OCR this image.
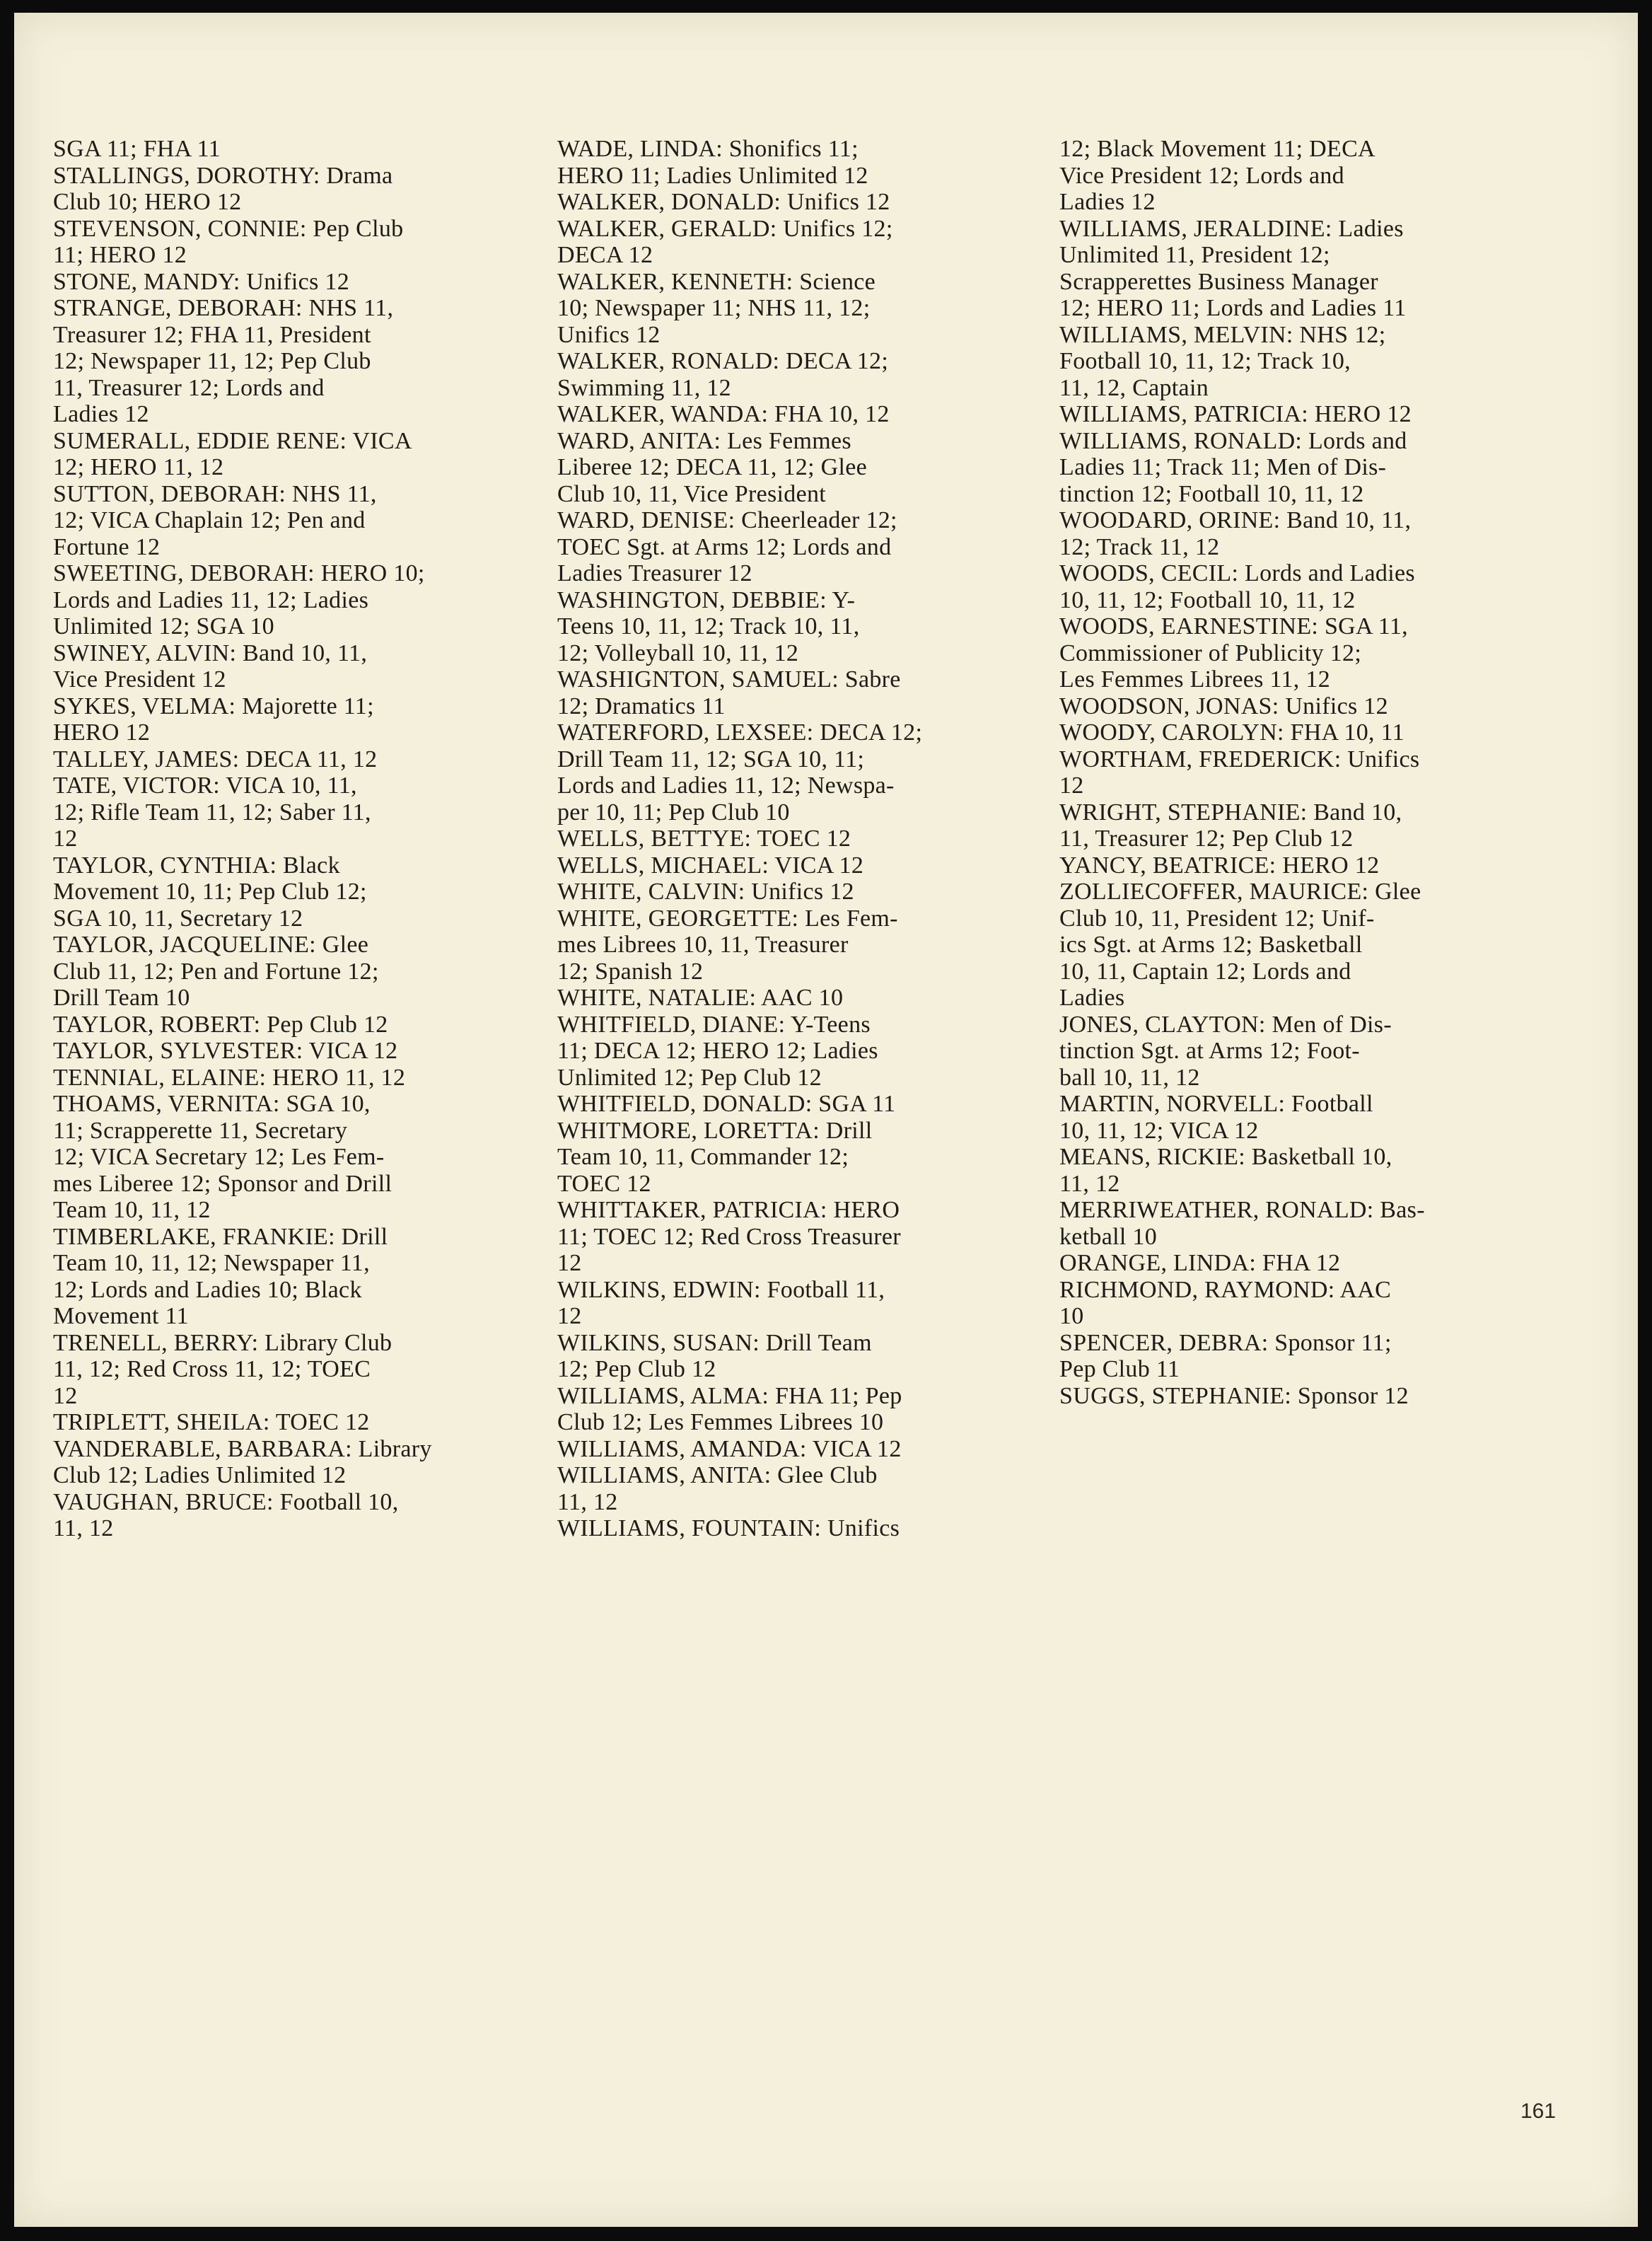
SGA 11; FHA 11
STALLINGS, DOROTHY: Drama
Club 10; HERO 12
STEVENSON, CONNIE: Pep Club
11; HERO 12
STONE, MANDY: Unifics 12
STRANGE, DEBORAH: NHS 11,
Treasurer 12; FHA 11, President
12; Newspaper 11, 12; Pep Club
11, Treasurer 12; Lords and
Ladies 12
SUMERALL, EDDIE RENE: VICA
12; HERO 11, 12
SUTTON, DEBORAH: NHS 11,
12; VICA Chaplain 12; Pen and
Fortune 12
SWEETING, DEBORAH: HERO 10;
Lords and Ladies 11, 12; Ladies
Unlimited 12; SGA 10
SWINEY, ALVIN: Band 10, 11,
Vice President 12
SYKES, VELMA: Majorette 11;
HERO 12
TALLEY, JAMES: DECA 11, 12
TATE, VICTOR: VICA 10, 11,
12; Rifle Team 11, 12; Saber 11,
12
TAYLOR, CYNTHIA: Black
Movement 10, 11; Pep Club 12;
SGA 10, 11, Secretary 12
TAYLOR, JACQUELINE: Glee
Club 11, 12; Pen and Fortune 12;
Drill Team 10
TAYLOR, ROBERT: Pep Club 12
TAYLOR, SYLVESTER: VICA 12
TENNIAL, ELAINE: HERO 11, 12
THOAMS, VERNITA: SGA 10,
11; Scrapperette 11, Secretary
12; VICA Secretary 12; Les Fem-
mes Liberee 12; Sponsor and Drill
Team 10, 11, 12
TIMBERLAKE, FRANKIE: Drill
Team 10, 11, 12; Newspaper 11,
12; Lords and Ladies 10; Black
Movement 11
TRENELL, BERRY: Library Club
11, 12; Red Cross 11, 12; TOEC
12
TRIPLETT, SHEILA: TOEC 12
VANDERABLE, BARBARA: Library
Club 12; Ladies Unlimited 12
VAUGHAN, BRUCE: Football 10,
11, 12
WADE, LINDA: Shonifics 11;
HERO 11; Ladies Unlimited 12
WALKER, DONALD: Unifics 12
WALKER, GERALD: Unifics 12;
DECA 12
WALKER, KENNETH: Science
10; Newspaper 11; NHS 11, 12;
Unifics 12
WALKER, RONALD: DECA 12;
Swimming 11, 12
WALKER, WANDA: FHA 10, 12
WARD, ANITA: Les Femmes
Liberee 12; DECA 11, 12; Glee
Club 10, 11, Vice President
WARD, DENISE: Cheerleader 12;
TOEC Sgt. at Arms 12; Lords and
Ladies Treasurer 12
WASHINGTON, DEBBIE: Y-
Teens 10, 11, 12; Track 10, 11,
12; Volleyball 10, 11, 12
WASHIGNTON, SAMUEL: Sabre
12; Dramatics 11
WATERFORD, LEXSEE: DECA 12;
Drill Team 11, 12; SGA 10, 11;
Lords and Ladies 11, 12; Newspa-
per 10, 11; Pep Club 10
WELLS, BETTYE: TOEC 12
WELLS, MICHAEL: VICA 12
WHITE, CALVIN: Unifics 12
WHITE, GEORGETTE: Les Fem-
mes Librees 10, 11, Treasurer
12; Spanish 12
WHITE, NATALIE: AAC 10
WHITFIELD, DIANE: Y-Teens
11; DECA 12; HERO 12; Ladies
Unlimited 12; Pep Club 12
WHITFIELD, DONALD: SGA 11
WHITMORE, LORETTA: Drill
Team 10, 11, Commander 12;
TOEC 12
WHITTAKER, PATRICIA: HERO
11; TOEC 12; Red Cross Treasurer
12
WILKINS, EDWIN: Football 11,
12
WILKINS, SUSAN: Drill Team
12; Pep Club 12
WILLIAMS, ALMA: FHA 11; Pep
Club 12; Les Femmes Librees 10
WILLIAMS, AMANDA: VICA 12
WILLIAMS, ANITA: Glee Club
11, 12
WILLIAMS, FOUNTAIN: Unifics
12; Black Movement 11; DECA
Vice President 12; Lords and
Ladies 12
WILLIAMS, JERALDINE: Ladies
Unlimited 11, President 12;
Scrapperettes Business Manager
12; HERO 11; Lords and Ladies 11
WILLIAMS, MELVIN: NHS 12;
Football 10, 11, 12; Track 10,
11, 12, Captain
WILLIAMS, PATRICIA: HERO 12
WILLIAMS, RONALD: Lords and
Ladies 11; Track 11; Men of Dis-
tinction 12; Football 10, 11, 12
WOODARD, ORINE: Band 10, 11,
12; Track 11, 12
WOODS, CECIL: Lords and Ladies
10, 11, 12; Football 10, 11, 12
WOODS, EARNESTINE: SGA 11,
Commissioner of Publicity 12;
Les Femmes Librees 11, 12
WOODSON, JONAS: Unifics 12
WOODY, CAROLYN: FHA 10, 11
WORTHAM, FREDERICK: Unifics
12
WRIGHT, STEPHANIE: Band 10,
11, Treasurer 12; Pep Club 12
YANCY, BEATRICE: HERO 12
ZOLLIECOFFER, MAURICE: Glee
Club 10, 11, President 12; Unif-
ics Sgt. at Arms 12; Basketball
10, 11, Captain 12; Lords and
Ladies
JONES, CLAYTON: Men of Dis-
tinction Sgt. at Arms 12; Foot-
ball 10, 11, 12
MARTIN, NORVELL: Football
10, 11, 12; VICA 12
MEANS, RICKIE: Basketball 10,
11, 12
MERRIWEATHER, RONALD: Bas-
ketball 10
ORANGE, LINDA: FHA 12
RICHMOND, RAYMOND: AAC
10
SPENCER, DEBRA: Sponsor 11;
Pep Club 11
SUGGS, STEPHANIE: Sponsor 12
161
